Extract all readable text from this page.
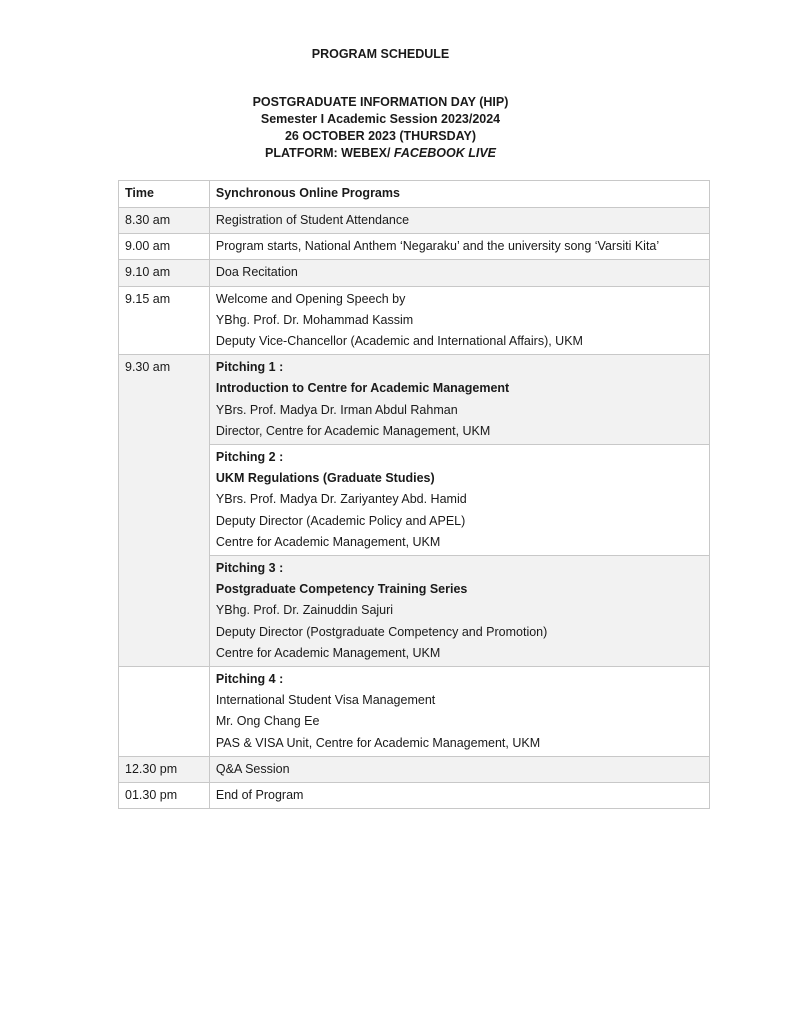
PROGRAM SCHEDULE
POSTGRADUATE INFORMATION DAY (HIP)
Semester I Academic Session 2023/2024
26 OCTOBER 2023 (THURSDAY)
PLATFORM: WEBEX/ FACEBOOK LIVE
Time	Synchronous Online Programs
8.30 am	Registration of Student Attendance
9.00 am	Program starts, National Anthem ‘Negaraku’ and the university song ‘Varsiti Kita’
9.10 am	Doa Recitation
9.15 am	Welcome and Opening Speech by
YBhg. Prof. Dr. Mohammad Kassim
Deputy Vice-Chancellor (Academic and International Affairs), UKM

9.30 am	Pitching 1 :
Introduction to Centre for Academic Management
YBrs. Prof. Madya Dr. Irman Abdul Rahman
Director, Centre for Academic Management, UKM

	Pitching 2 :
UKM Regulations (Graduate Studies)
YBrs. Prof. Madya Dr. Zariyantey Abd. Hamid
Deputy Director (Academic Policy and APEL)
Centre for Academic Management, UKM

	Pitching 3 :
Postgraduate Competency Training Series
YBhg. Prof. Dr. Zainuddin Sajuri
Deputy Director (Postgraduate Competency and Promotion)
Centre for Academic Management, UKM

	Pitching 4 :
International Student Visa Management
Mr. Ong Chang Ee
PAS & VISA Unit, Centre for Academic Management, UKM

12.30 pm	Q&A Session
01.30 pm	End of Program
